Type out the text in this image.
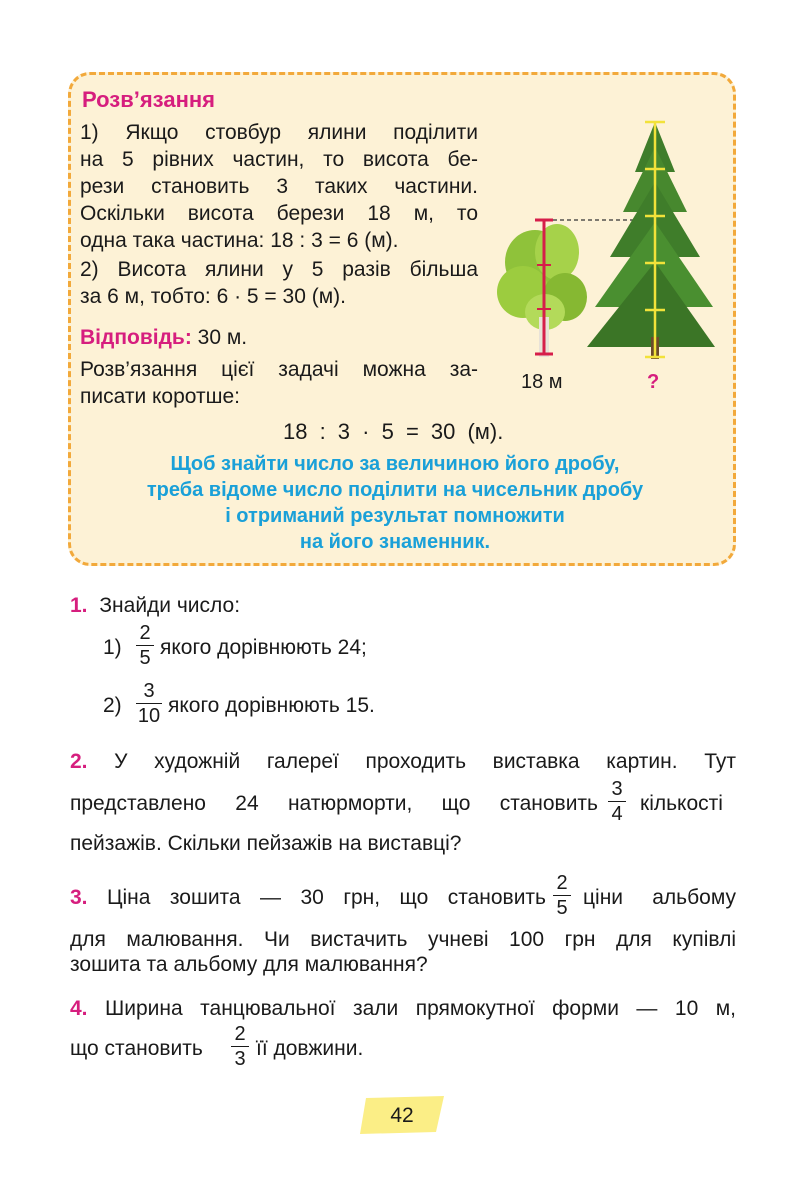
Розв’язання
1) Якщо стовбур ялини поділити
на 5 рівних частин, то висота бе-
рези становить 3 таких частини.
Оскільки висота берези 18 м, то
одна така частина: 18 : 3 = 6 (м).
2) Висота ялини у 5 разів більша
за 6 м, тобто: 6 · 5 = 30 (м).
Відповідь: 30 м.
Розв’язання цієї задачі можна за-
писати коротше:
18 : 3 · 5 = 30 (м).
Щоб знайти число за величиною його дробу,
треба відоме число поділити на чисельник дробу
і отриманий результат помножити
на його знаменник.
18 м	?
1. Знайди число:
1)
2
5 якого дорівнюють 24;
2)
3
10 якого дорівнюють 15.
2. У художній галереї проходить виставка картин. Тут
представлено 24 натюрморти, що становить
3
4 кількості
пейзажів. Скільки пейзажів на виставці?
3. Ціна зошита — 30 грн, що становить
2
5 ціни альбому
для малювання. Чи вистачить учневі 100 грн для купівлі
зошита та альбому для малювання?
4. Ширина танцювальної зали прямокутної форми — 10 м,
що становить
2
3 її довжини.
42
